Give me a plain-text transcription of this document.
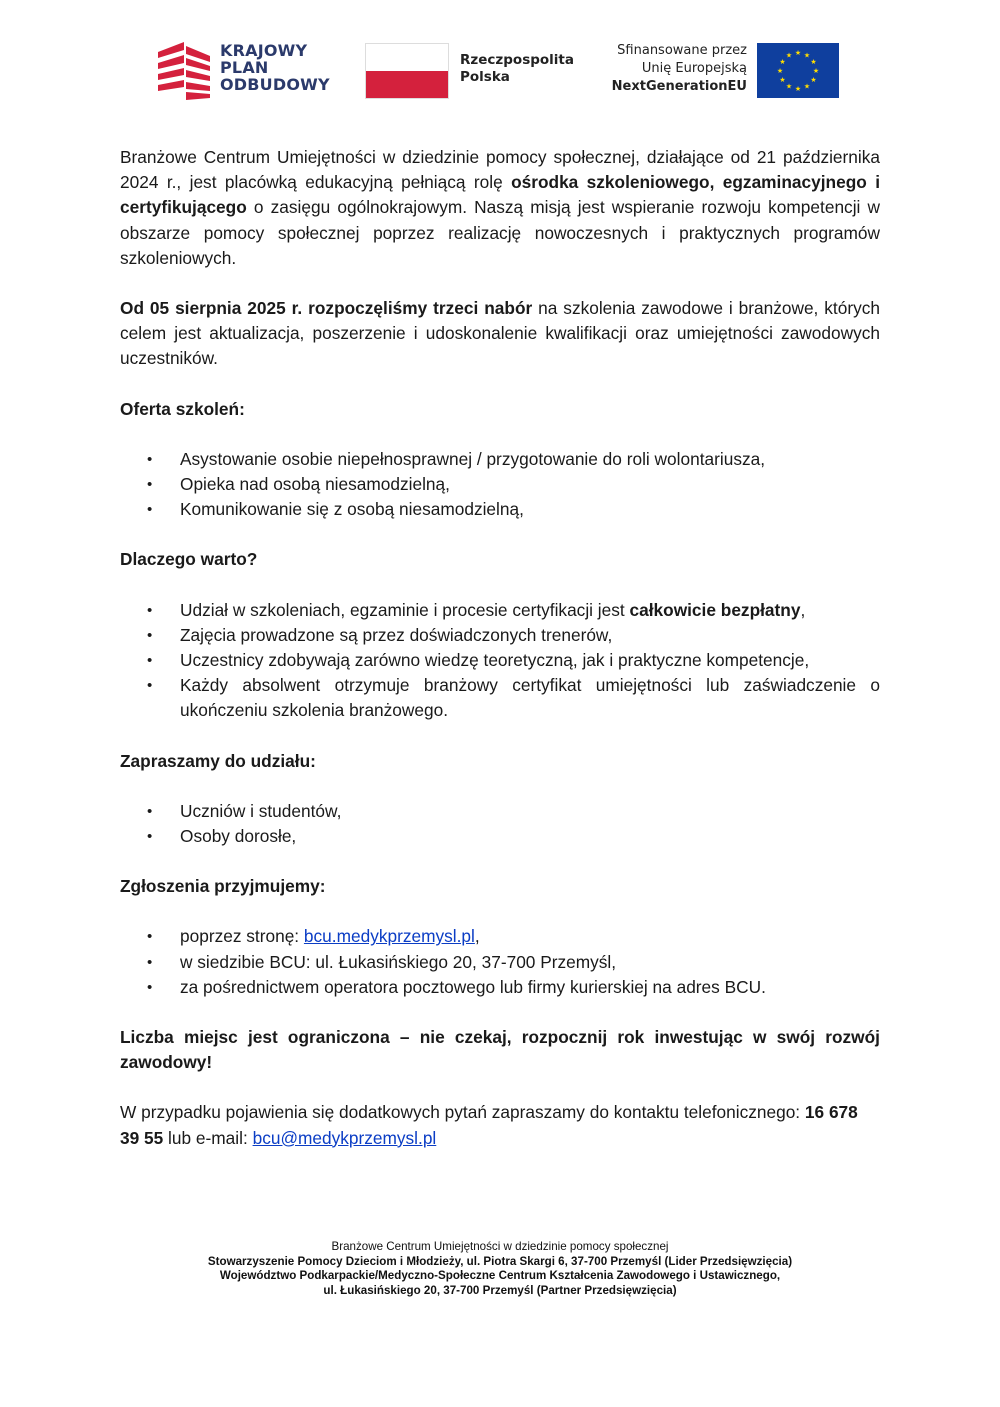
KRAJOWY
PLAN
ODBUDOWY
Rzeczpospolita
Polska
Sfinansowane przez
Unię Europejską
NextGenerationEU
★ ★
★
★
★
★
★
★
★
★
★
★

Branżowe Centrum Umiejętności w dziedzinie pomocy społecznej, działające od 21 października 2024 r., jest placówką edukacyjną pełniącą rolę ośrodka szkoleniowego, egzaminacyjnego i certyfikującego o zasięgu ogólnokrajowym. Naszą misją jest wspieranie rozwoju kompetencji w obszarze pomocy społecznej poprzez realizację nowoczesnych i praktycznych programów szkoleniowych.

Od 05 sierpnia 2025 r. rozpoczęliśmy trzeci nabór na szkolenia zawodowe i branżowe, których celem jest aktualizacja, poszerzenie i udoskonalenie kwalifikacji oraz umiejętności zawodowych uczestników.

Oferta szkoleń:

• Asystowanie osobie niepełnosprawnej / przygotowanie do roli wolontariusza,
• Opieka nad osobą niesamodzielną,
• Komunikowanie się z osobą niesamodzielną,

Dlaczego warto?

• Udział w szkoleniach, egzaminie i procesie certyfikacji jest całkowicie bezpłatny,
• Zajęcia prowadzone są przez doświadczonych trenerów,
• Uczestnicy zdobywają zarówno wiedzę teoretyczną, jak i praktyczne kompetencje,
• Każdy absolwent otrzymuje branżowy certyfikat umiejętności lub zaświadczenie o ukończeniu szkolenia branżowego.

Zapraszamy do udziału:

• Uczniów i studentów,
• Osoby dorosłe,

Zgłoszenia przyjmujemy:

• poprzez stronę: bcu.medykprzemysl.pl,
• w siedzibie BCU: ul. Łukasińskiego 20, 37-700 Przemyśl,
• za pośrednictwem operatora pocztowego lub firmy kurierskiej na adres BCU.

Liczba miejsc jest ograniczona – nie czekaj, rozpocznij rok inwestując w swój rozwój zawodowy!

W przypadku pojawienia się dodatkowych pytań zapraszamy do kontaktu telefonicznego: 16 678 39 55 lub e-mail: bcu@medykprzemysl.pl

Branżowe Centrum Umiejętności w dziedzinie pomocy społecznej
Stowarzyszenie Pomocy Dzieciom i Młodzieży, ul. Piotra Skargi 6, 37-700 Przemyśl (Lider Przedsięwzięcia)
Województwo Podkarpackie/Medyczno-Społeczne Centrum Kształcenia Zawodowego i Ustawicznego,
ul. Łukasińskiego 20, 37-700 Przemyśl (Partner Przedsięwzięcia)
